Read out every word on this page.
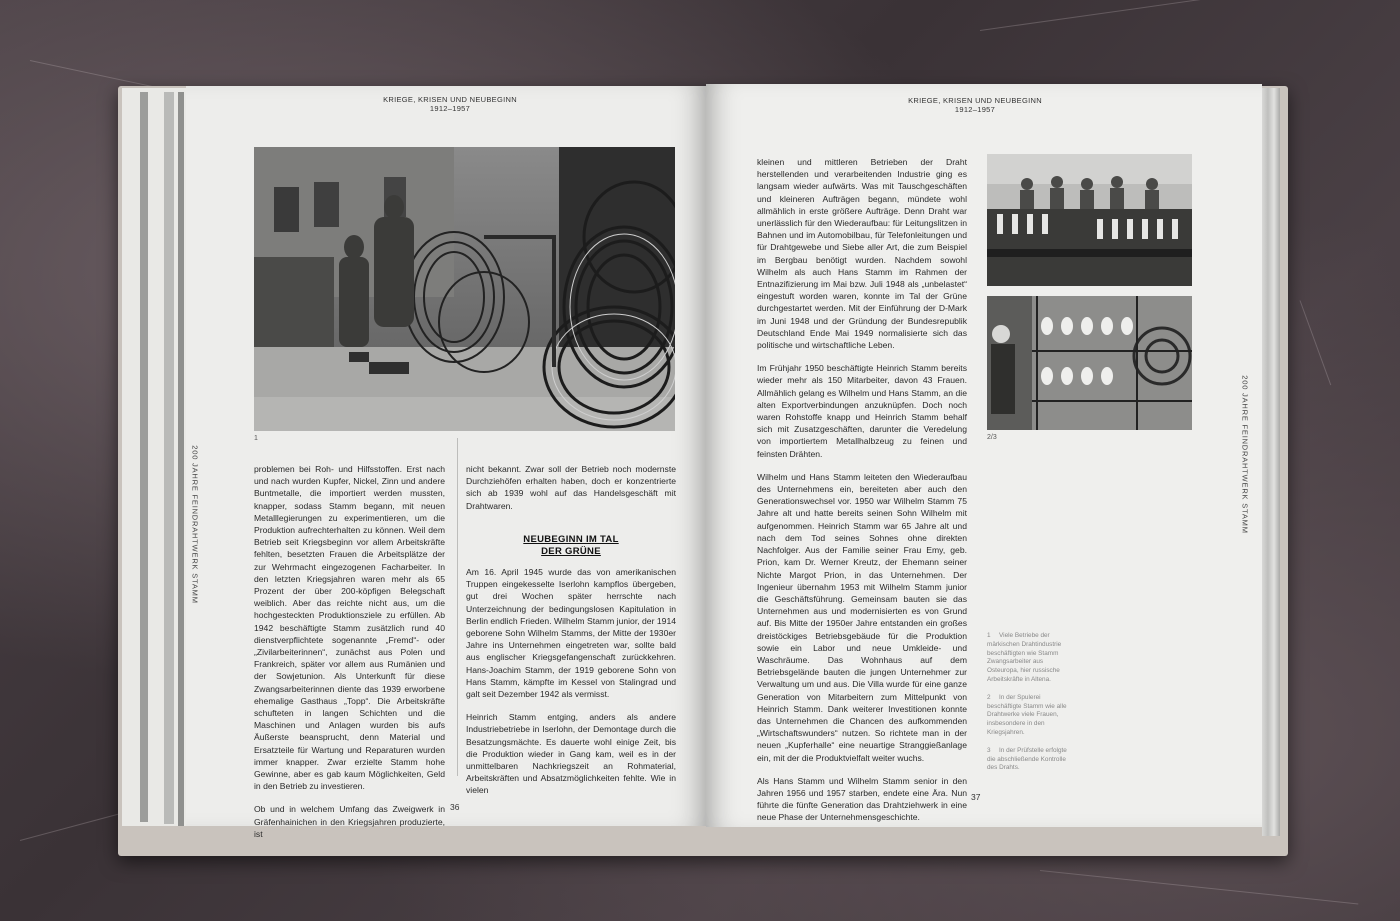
KRIEGE, KRISEN UND NEUBEGINN
1912–1957
200 JAHRE FEINDRAHTWERK STAMM
1

problemen bei Roh- und Hilfsstoffen. Erst nach und nach wurden Kupfer, Nickel, Zinn und andere Buntmetalle, die importiert werden mussten, knapper, sodass Stamm begann, mit neuen Metalllegierungen zu experimentieren, um die Produktion aufrechterhalten zu können. Weil dem Betrieb seit Kriegsbeginn vor allem Arbeitskräfte fehlten, besetzten Frauen die Arbeitsplätze der zur Wehrmacht eingezogenen Facharbeiter. In den letzten Kriegsjahren waren mehr als 65 Prozent der über 200-köpfigen Belegschaft weiblich. Aber das reichte nicht aus, um die hochgesteckten Produktionsziele zu erfüllen. Ab 1942 beschäftigte Stamm zusätzlich rund 40 dienstverpflichtete sogenannte „Fremd“- oder „Zivilarbeiterinnen“, zunächst aus Polen und Frankreich, später vor allem aus Rumänien und der Sowjetunion. Als Unterkunft für diese Zwangsarbeiterinnen diente das 1939 erworbene ehemalige Gasthaus „Topp“. Die Arbeitskräfte schufteten in langen Schichten und die Maschinen und Anlagen wurden bis aufs Äußerste beansprucht, denn Material und Ersatzteile für Wartung und Reparaturen wurden immer knapper. Zwar erzielte Stamm hohe Gewinne, aber es gab kaum Möglichkeiten, Geld in den Betrieb zu investieren.

Ob und in welchem Umfang das Zweigwerk in Gräfenhainichen in den Kriegsjahren produzierte, ist

nicht bekannt. Zwar soll der Betrieb noch modernste Durchziehöfen erhalten haben, doch er konzentrierte sich ab 1939 wohl auf das Handelsgeschäft mit Drahtwaren.

NEUBEGINN IM TAL
DER GRÜNE

Am 16. April 1945 wurde das von amerikanischen Truppen eingekesselte Iserlohn kampflos übergeben, gut drei Wochen später herrschte nach Unterzeichnung der bedingungslosen Kapitulation in Berlin endlich Frieden. Wilhelm Stamm junior, der 1914 geborene Sohn Wilhelm Stamms, der Mitte der 1930er Jahre ins Unternehmen eingetreten war, sollte bald aus englischer Kriegsgefangenschaft zurückkehren. Hans-Joachim Stamm, der 1919 geborene Sohn von Hans Stamm, kämpfte im Kessel von Stalingrad und galt seit Dezember 1942 als vermisst.

Heinrich Stamm entging, anders als andere Industriebetriebe in Iserlohn, der Demontage durch die Besatzungsmächte. Es dauerte wohl einige Zeit, bis die Produktion wieder in Gang kam, weil es in der unmittelbaren Nachkriegszeit an Rohmaterial, Arbeitskräften und Absatzmöglichkeiten fehlte. Wie in vielen

36
KRIEGE, KRISEN UND NEUBEGINN
1912–1957
200 JAHRE FEINDRAHTWERK STAMM
2/3

kleinen und mittleren Betrieben der Draht herstellenden und verarbeitenden Industrie ging es langsam wieder aufwärts. Was mit Tauschgeschäften und kleineren Aufträgen begann, mündete wohl allmählich in erste größere Aufträge. Denn Draht war unerlässlich für den Wiederaufbau: für Leitungslitzen in Bahnen und im Automobilbau, für Telefonleitungen und für Drahtgewebe und Siebe aller Art, die zum Beispiel im Bergbau benötigt wurden. Nachdem sowohl Wilhelm als auch Hans Stamm im Rahmen der Entnazifizierung im Mai bzw. Juli 1948 als „unbelastet“ eingestuft worden waren, konnte im Tal der Grüne durchgestartet werden. Mit der Einführung der D-Mark im Juni 1948 und der Gründung der Bundesrepublik Deutschland Ende Mai 1949 normalisierte sich das politische und wirtschaftliche Leben.

Im Frühjahr 1950 beschäftigte Heinrich Stamm bereits wieder mehr als 150 Mitarbeiter, davon 43 Frauen. Allmählich gelang es Wilhelm und Hans Stamm, an die alten Exportverbindungen anzuknüpfen. Doch noch waren Rohstoffe knapp und Heinrich Stamm behalf sich mit Zusatzgeschäften, darunter die Veredelung von importiertem Metallhalbzeug zu feinen und feinsten Drähten.

Wilhelm und Hans Stamm leiteten den Wiederaufbau des Unternehmens ein, bereiteten aber auch den Generationswechsel vor. 1950 war Wilhelm Stamm 75 Jahre alt und hatte bereits seinen Sohn Wilhelm mit aufgenommen. Heinrich Stamm war 65 Jahre alt und nach dem Tod seines Sohnes ohne direkten Nachfolger. Aus der Familie seiner Frau Emy, geb. Prion, kam Dr. Werner Kreutz, der Ehemann seiner Nichte Margot Prion, in das Unternehmen. Der Ingenieur übernahm 1953 mit Wilhelm Stamm junior die Geschäftsführung. Gemeinsam bauten sie das Unternehmen aus und modernisierten es von Grund auf. Bis Mitte der 1950er Jahre entstanden ein großes dreistöckiges Betriebsgebäude für die Produktion sowie ein Labor und neue Umkleide- und Waschräume. Das Wohnhaus auf dem Betriebsgelände bauten die jungen Unternehmer zur Verwaltung um und aus. Die Villa wurde für eine ganze Generation von Mitarbeitern zum Mittelpunkt von Heinrich Stamm. Dank weiterer Investitionen konnte das Unternehmen die Chancen des aufkommenden „Wirtschaftswunders“ nutzen. So richtete man in der neuen „Kupferhalle“ eine neuartige Stranggießanlage ein, mit der die Produktvielfalt weiter wuchs.

Als Hans Stamm und Wilhelm Stamm senior in den Jahren 1956 und 1957 starben, endete eine Ära. Nun führte die fünfte Generation das Drahtziehwerk in eine neue Phase der Unternehmensgeschichte.

1 Viele Betriebe der märkischen Drahtindustrie beschäftigten wie Stamm Zwangsarbeiter aus Osteuropa, hier russische Arbeitskräfte in Altena.
2 In der Spulerei beschäftigte Stamm wie alle Drahtwerke viele Frauen, insbesondere in den Kriegsjahren.
3 In der Prüfstelle erfolgte die abschließende Kontrolle des Drahts.
37
